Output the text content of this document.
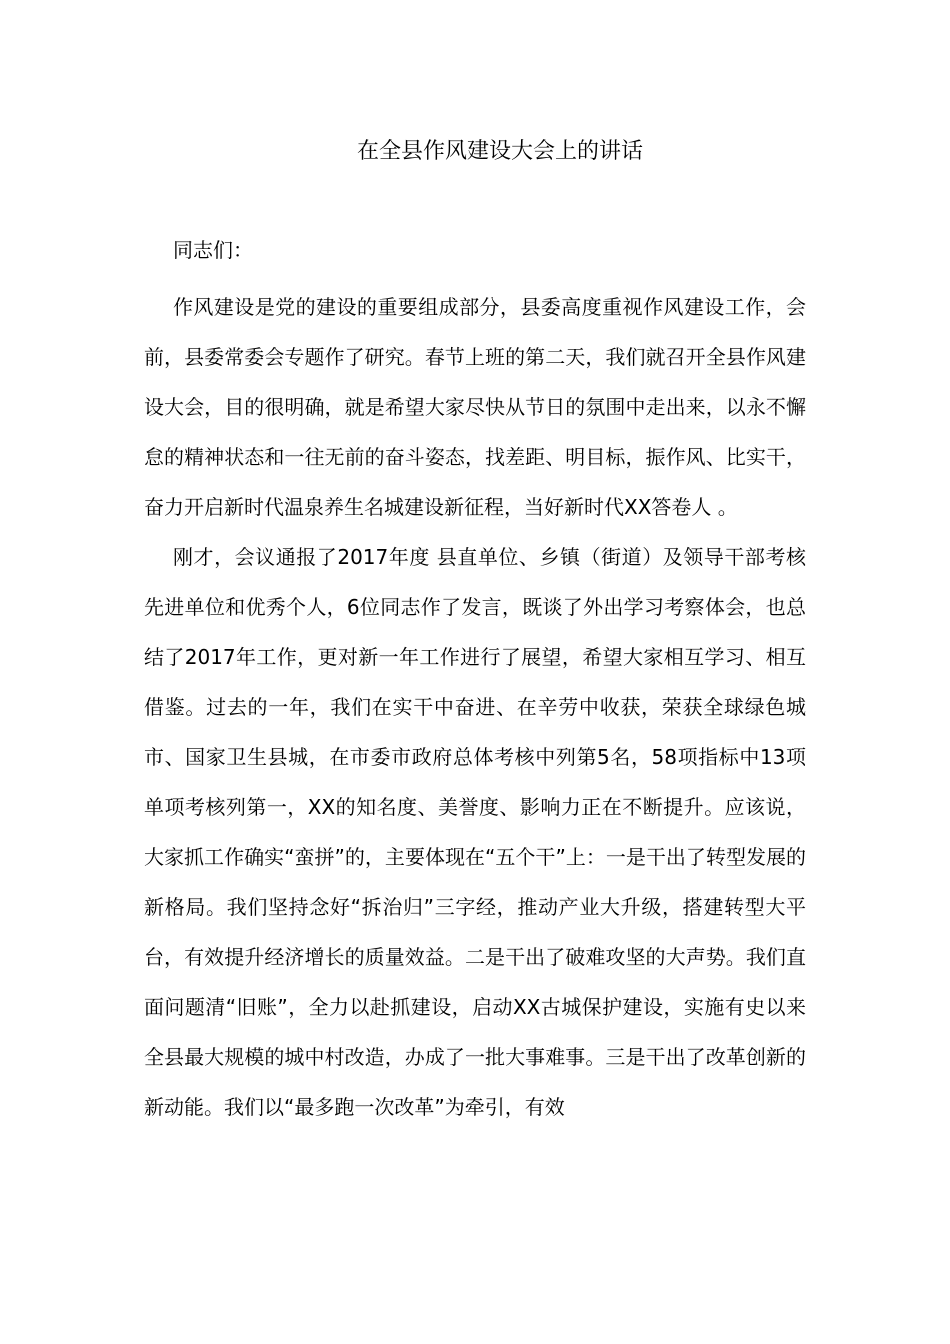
在全县作风建设大会上的讲话

同志们：

作风建设是党的建设的重要组成部分，县委高度重视作风建设工作，会前，县委常委会专题作了研究。春节上班的第二天，我们就召开全县作风建设大会，目的很明确，就是希望大家尽快从节日的氛围中走出来，以永不懈怠的精神状态和一往无前的奋斗姿态，找差距、明目标，振作风、比实干，奋力开启新时代温泉养生名城建设新征程，当好新时代XX答卷人 。

刚才，会议通报了2017年度 县直单位、乡镇（街道）及领导干部考核先进单位和优秀个人，6位同志作了发言，既谈了外出学习考察体会，也总结了2017年工作，更对新一年工作进行了展望，希望大家相互学习、相互借鉴。过去的一年，我们在实干中奋进、在辛劳中收获，荣获全球绿色城市、国家卫生县城，在市委市政府总体考核中列第5名，58项指标中13项单项考核列第一，XX的知名度、美誉度、影响力正在不断提升。应该说，大家抓工作确实“蛮拼”的，主要体现在“五个干”上：一是干出了转型发展的新格局。我们坚持念好“拆治归”三字经，推动产业大升级，搭建转型大平台，有效提升经济增长的质量效益。二是干出了破难攻坚的大声势。我们直面问题清“旧账”，全力以赴抓建设，启动XX古城保护建设，实施有史以来全县最大规模的城中村改造，办成了一批大事难事。三是干出了改革创新的新动能。我们以“最多跑一次改革”为牵引，有效
